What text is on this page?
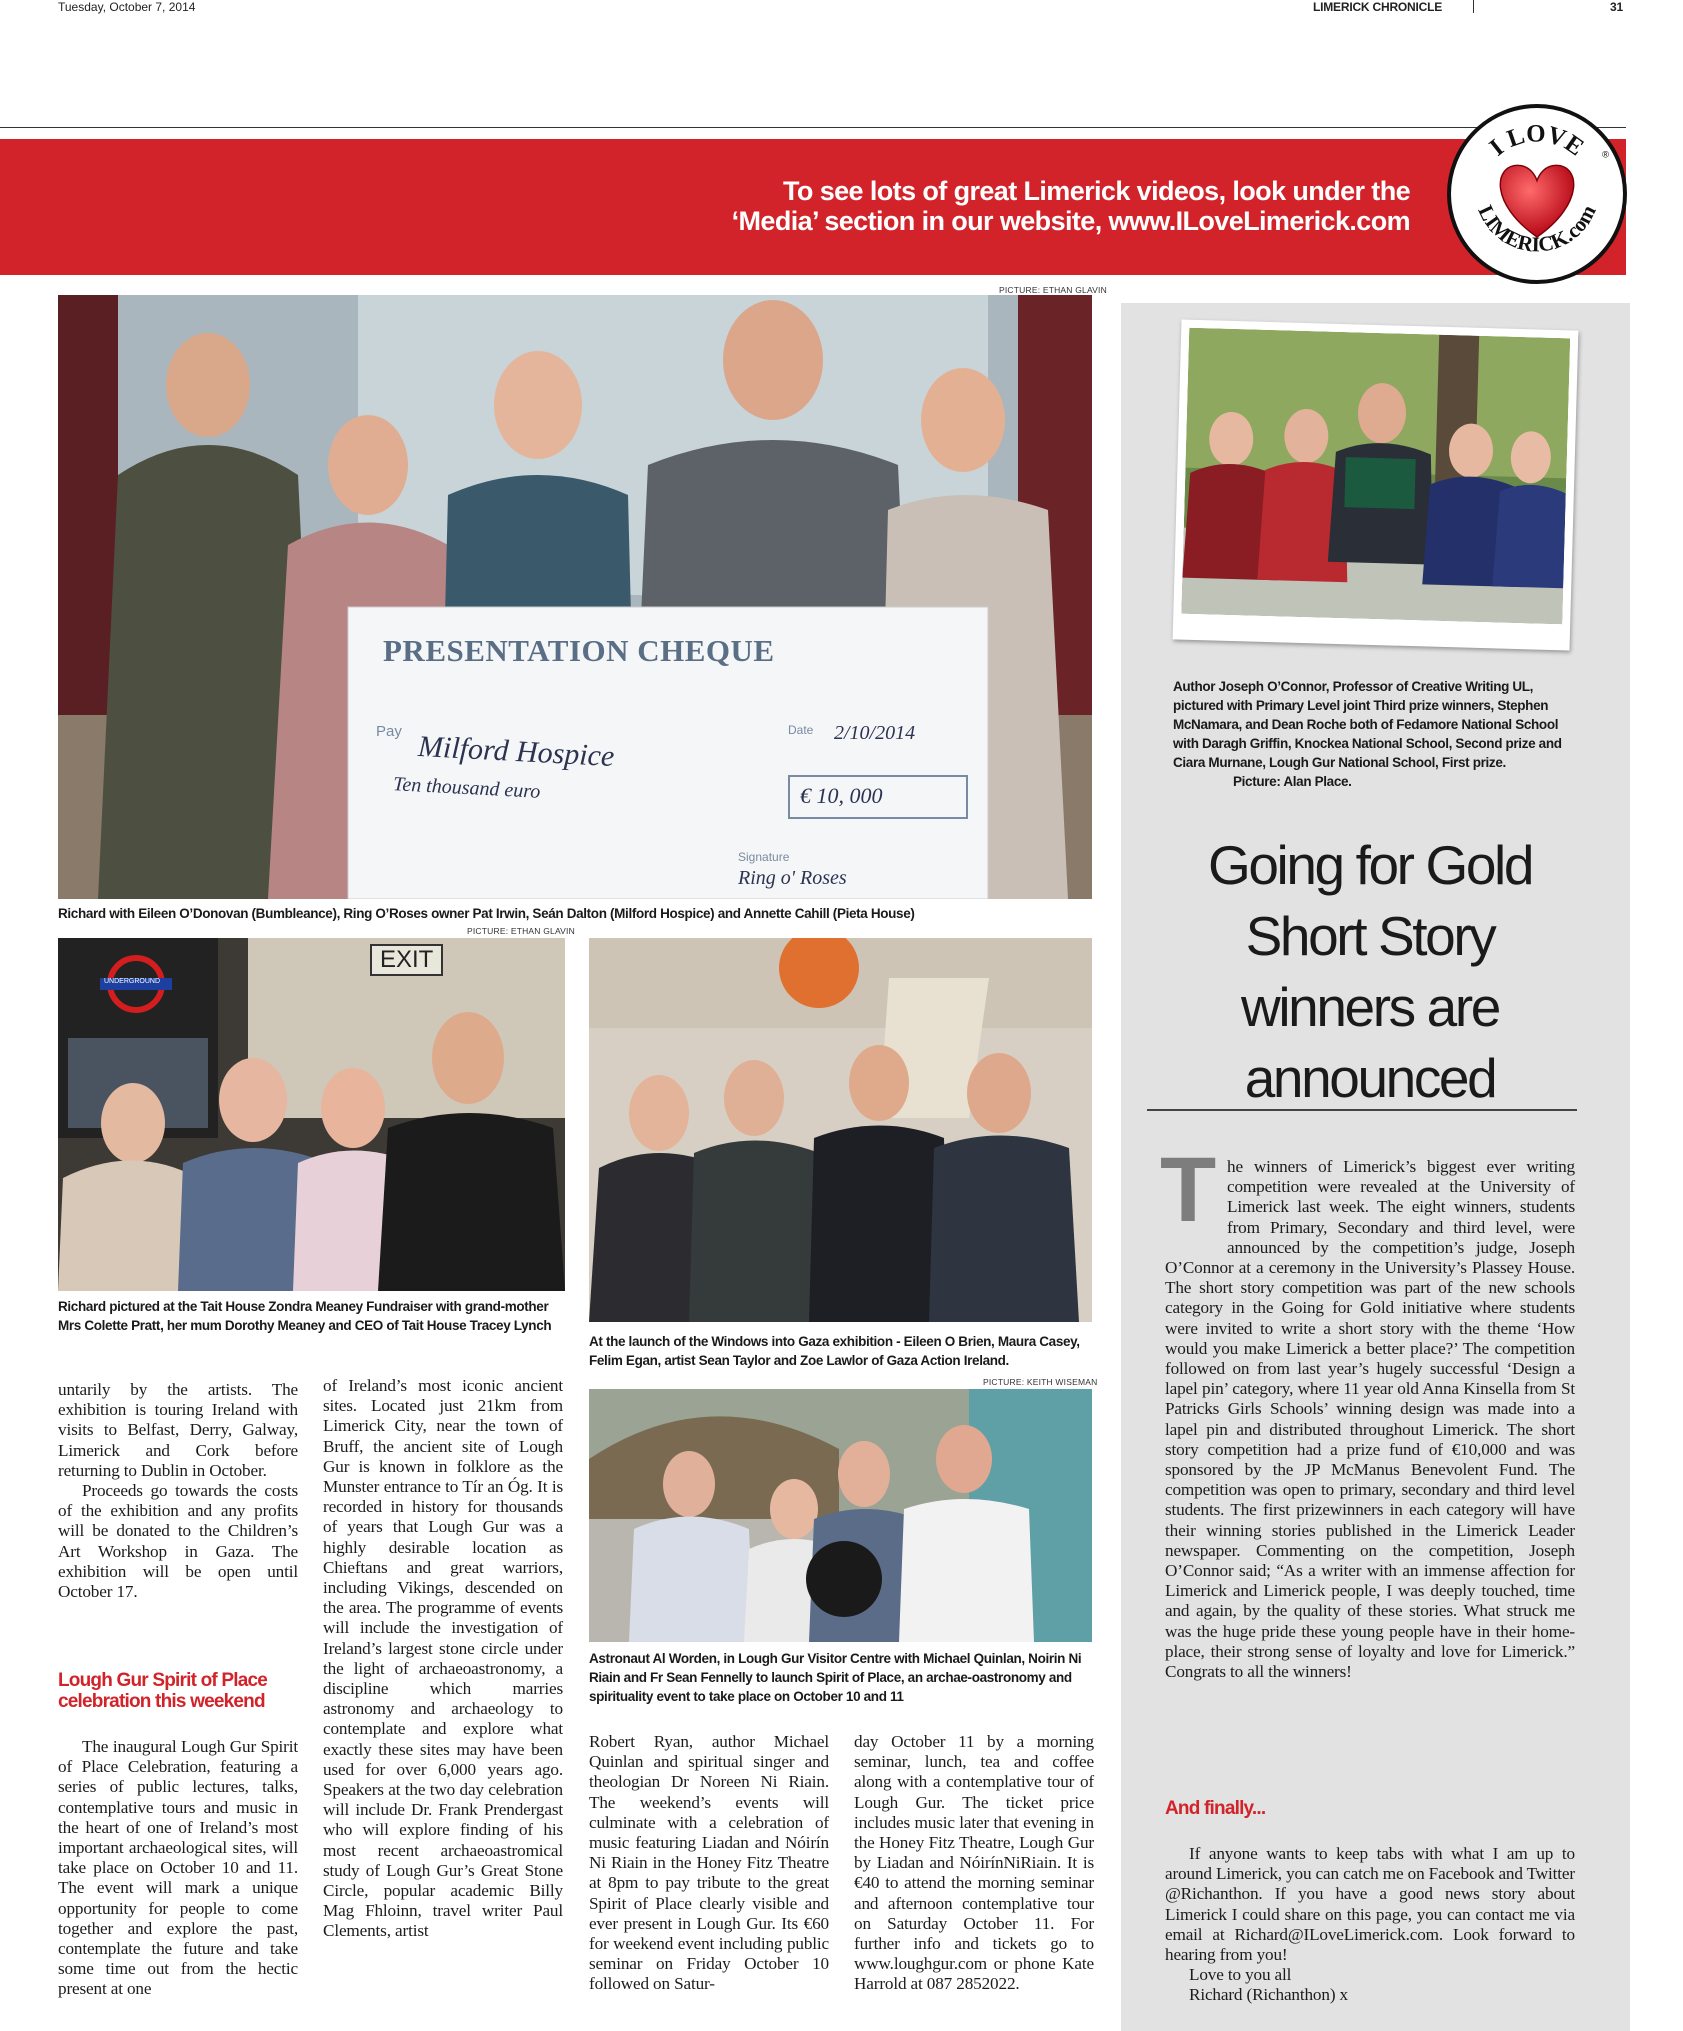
Tuesday, October 7, 2014	LIMERICK CHRONICLE	31
To see lots of great Limerick videos, look under the
‘Media’ section in our website, www.ILoveLimerick.com
I LOVE
LIMERICK.com
®
PICTURE: ETHAN GLAVIN
PRESENTATION CHEQUE
Pay Milford Hospice
Ten thousand euro
Date 2/10/2014
€ 10, 000
Signature
Ring o' Roses
Richard with Eileen O’Donovan (Bumbleance), Ring O’Roses owner Pat Irwin, Seán Dalton (Milford Hospice) and Annette Cahill (Pieta House)
PICTURE: ETHAN GLAVIN
EXIT
UNDERGROUND
Richard pictured at the Tait House Zondra Meaney Fundraiser with grand-mother Mrs Colette Pratt, her mum Dorothy Meaney and CEO of Tait House Tracey Lynch
At the launch of the Windows into Gaza exhibition - Eileen O Brien, Maura Casey, Felim Egan, artist Sean Taylor and Zoe Lawlor of Gaza Action Ireland.
PICTURE: KEITH WISEMAN
Astronaut Al Worden, in Lough Gur Visitor Centre with Michael Quinlan, Noirin Ni Riain and Fr Sean Fennelly to launch Spirit of Place, an archae-oastronomy and spirituality event to take place on October 10 and 11

untarily by the artists. The exhibition is touring Ireland with visits to Belfast, Derry, Galway, Limerick and Cork before returning to Dublin in October.

Proceeds go towards the costs of the exhibition and any profits will be donated to the Children’s Art Workshop in Gaza. The exhibition will be open until October 17.

Lough Gur Spirit of Place celebration this weekend

The inaugural Lough Gur Spirit of Place Celebration, featuring a series of public lectures, talks, contemplative tours and music in the heart of one of Ireland’s most important archaeological sites, will take place on October 10 and 11. The event will mark a unique opportunity for people to come together and explore the past, contemplate the future and take some time out from the hectic present at one

of Ireland’s most iconic ancient sites. Located just 21km from Limerick City, near the town of Bruff, the ancient site of Lough Gur is known in folklore as the Munster entrance to Tír an Óg. It is recorded in history for thousands of years that Lough Gur was a highly desirable location as Chieftans and great warriors, including Vikings, descended on the area. The programme of events will include the investigation of Ireland’s largest stone circle under the light of archaeoastronomy, a discipline which marries astronomy and archaeology to contemplate and explore what exactly these sites may have been used for over 6,000 years ago. Speakers at the two day celebration will include Dr. Frank Prendergast who will explore finding of his most recent archaeoastromical study of Lough Gur’s Great Stone Circle, popular academic Billy Mag Fhloinn, travel writer Paul Clements, artist

Robert Ryan, author Michael Quinlan and spiritual singer and theologian Dr Noreen Ni Riain. The weekend’s events will culminate with a celebration of music featuring Liadan and Nóirín Ni Riain in the Honey Fitz Theatre at 8pm to pay tribute to the great Spirit of Place clearly visible and ever present in Lough Gur. Its €60 for weekend event including public seminar on Friday October 10 followed on Satur-

day October 11 by a morning seminar, lunch, tea and coffee along with a contemplative tour of Lough Gur. The ticket price includes music later that evening in the Honey Fitz Theatre, Lough Gur by Liadan and NóirínNiRiain. It is €40 to attend the morning seminar and afternoon contemplative tour on Saturday October 11. For further info and tickets go to www.loughgur.com or phone Kate Harrold at 087 2852022.

Author Joseph O’Connor, Professor of Creative Writing UL, pictured with Primary Level joint Third prize winners, Stephen McNamara, and Dean Roche both of Fedamore National School with Daragh Griffin, Knockea National School, Second prize and Ciara Murnane, Lough Gur National School, First prize. Picture: Alan Place.
Going for Gold
Short Story
winners are
announced
T he winners of Limerick’s biggest ever writing competition were revealed at the University of Limerick last week. The eight winners, students from Primary, Secondary and third level, were announced by the competition’s judge, Joseph O’Connor at a ceremony in the University’s Plassey House. The short story competition was part of the new schools category in the Going for Gold initiative where students were invited to write a short story with the theme ‘How would you make Limerick a better place?’ The competition followed on from last year’s hugely successful ‘Design a lapel pin’ category, where 11 year old Anna Kinsella from St Patricks Girls Schools’ winning design was made into a lapel pin and distributed throughout Limerick. The short story competition had a prize fund of €10,000 and was sponsored by the JP McManus Benevolent Fund. The competition was open to primary, secondary and third level students. The first prizewinners in each category will have their winning stories published in the Limerick Leader newspaper. Commenting on the competition, Joseph O’Connor said; “As a writer with an immense affection for Limerick and Limerick people, I was deeply touched, time and again, by the quality of these stories. What struck me was the huge pride these young people have in their home-place, their strong sense of loyalty and love for Limerick.” Congrats to all the winners!

And finally...

If anyone wants to keep tabs with what I am up to around Limerick, you can catch me on Facebook and Twitter @Richanthon. If you have a good news story about Limerick I could share on this page, you can contact me via email at Richard@ILoveLimerick.com. Look forward to hearing from you!

Love to you all

Richard (Richanthon) x
